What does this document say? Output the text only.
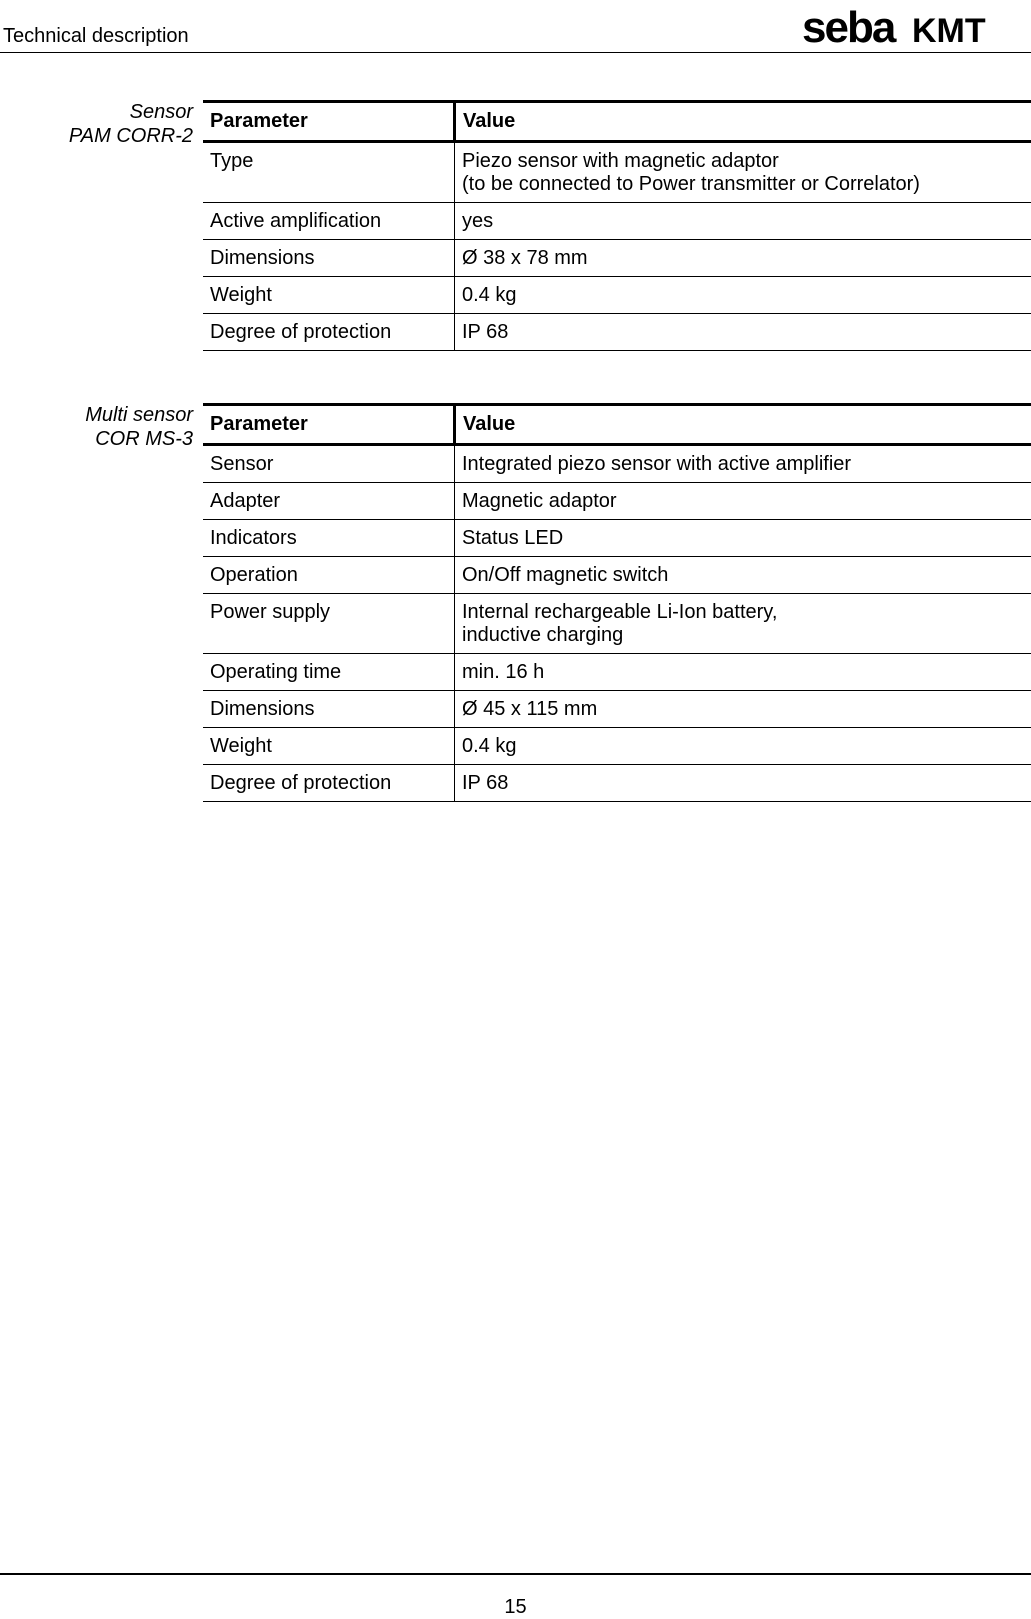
Technical description	seba KMT
Sensor
PAM CORR-2
Parameter	Value
Type	Piezo sensor with magnetic adaptor
(to be connected to Power transmitter or Correlator)

Active amplification	yes
Dimensions	Ø 38 x 78 mm
Weight	0.4 kg
Degree of protection	IP 68
Multi sensor
COR MS-3
Parameter	Value
Sensor	Integrated piezo sensor with active amplifier
Adapter	Magnetic adaptor
Indicators	Status LED
Operation	On/Off magnetic switch
Power supply	Internal rechargeable Li-Ion battery,
inductive charging

Operating time	min. 16 h
Dimensions	Ø 45 x 115 mm
Weight	0.4 kg
Degree of protection	IP 68
15
